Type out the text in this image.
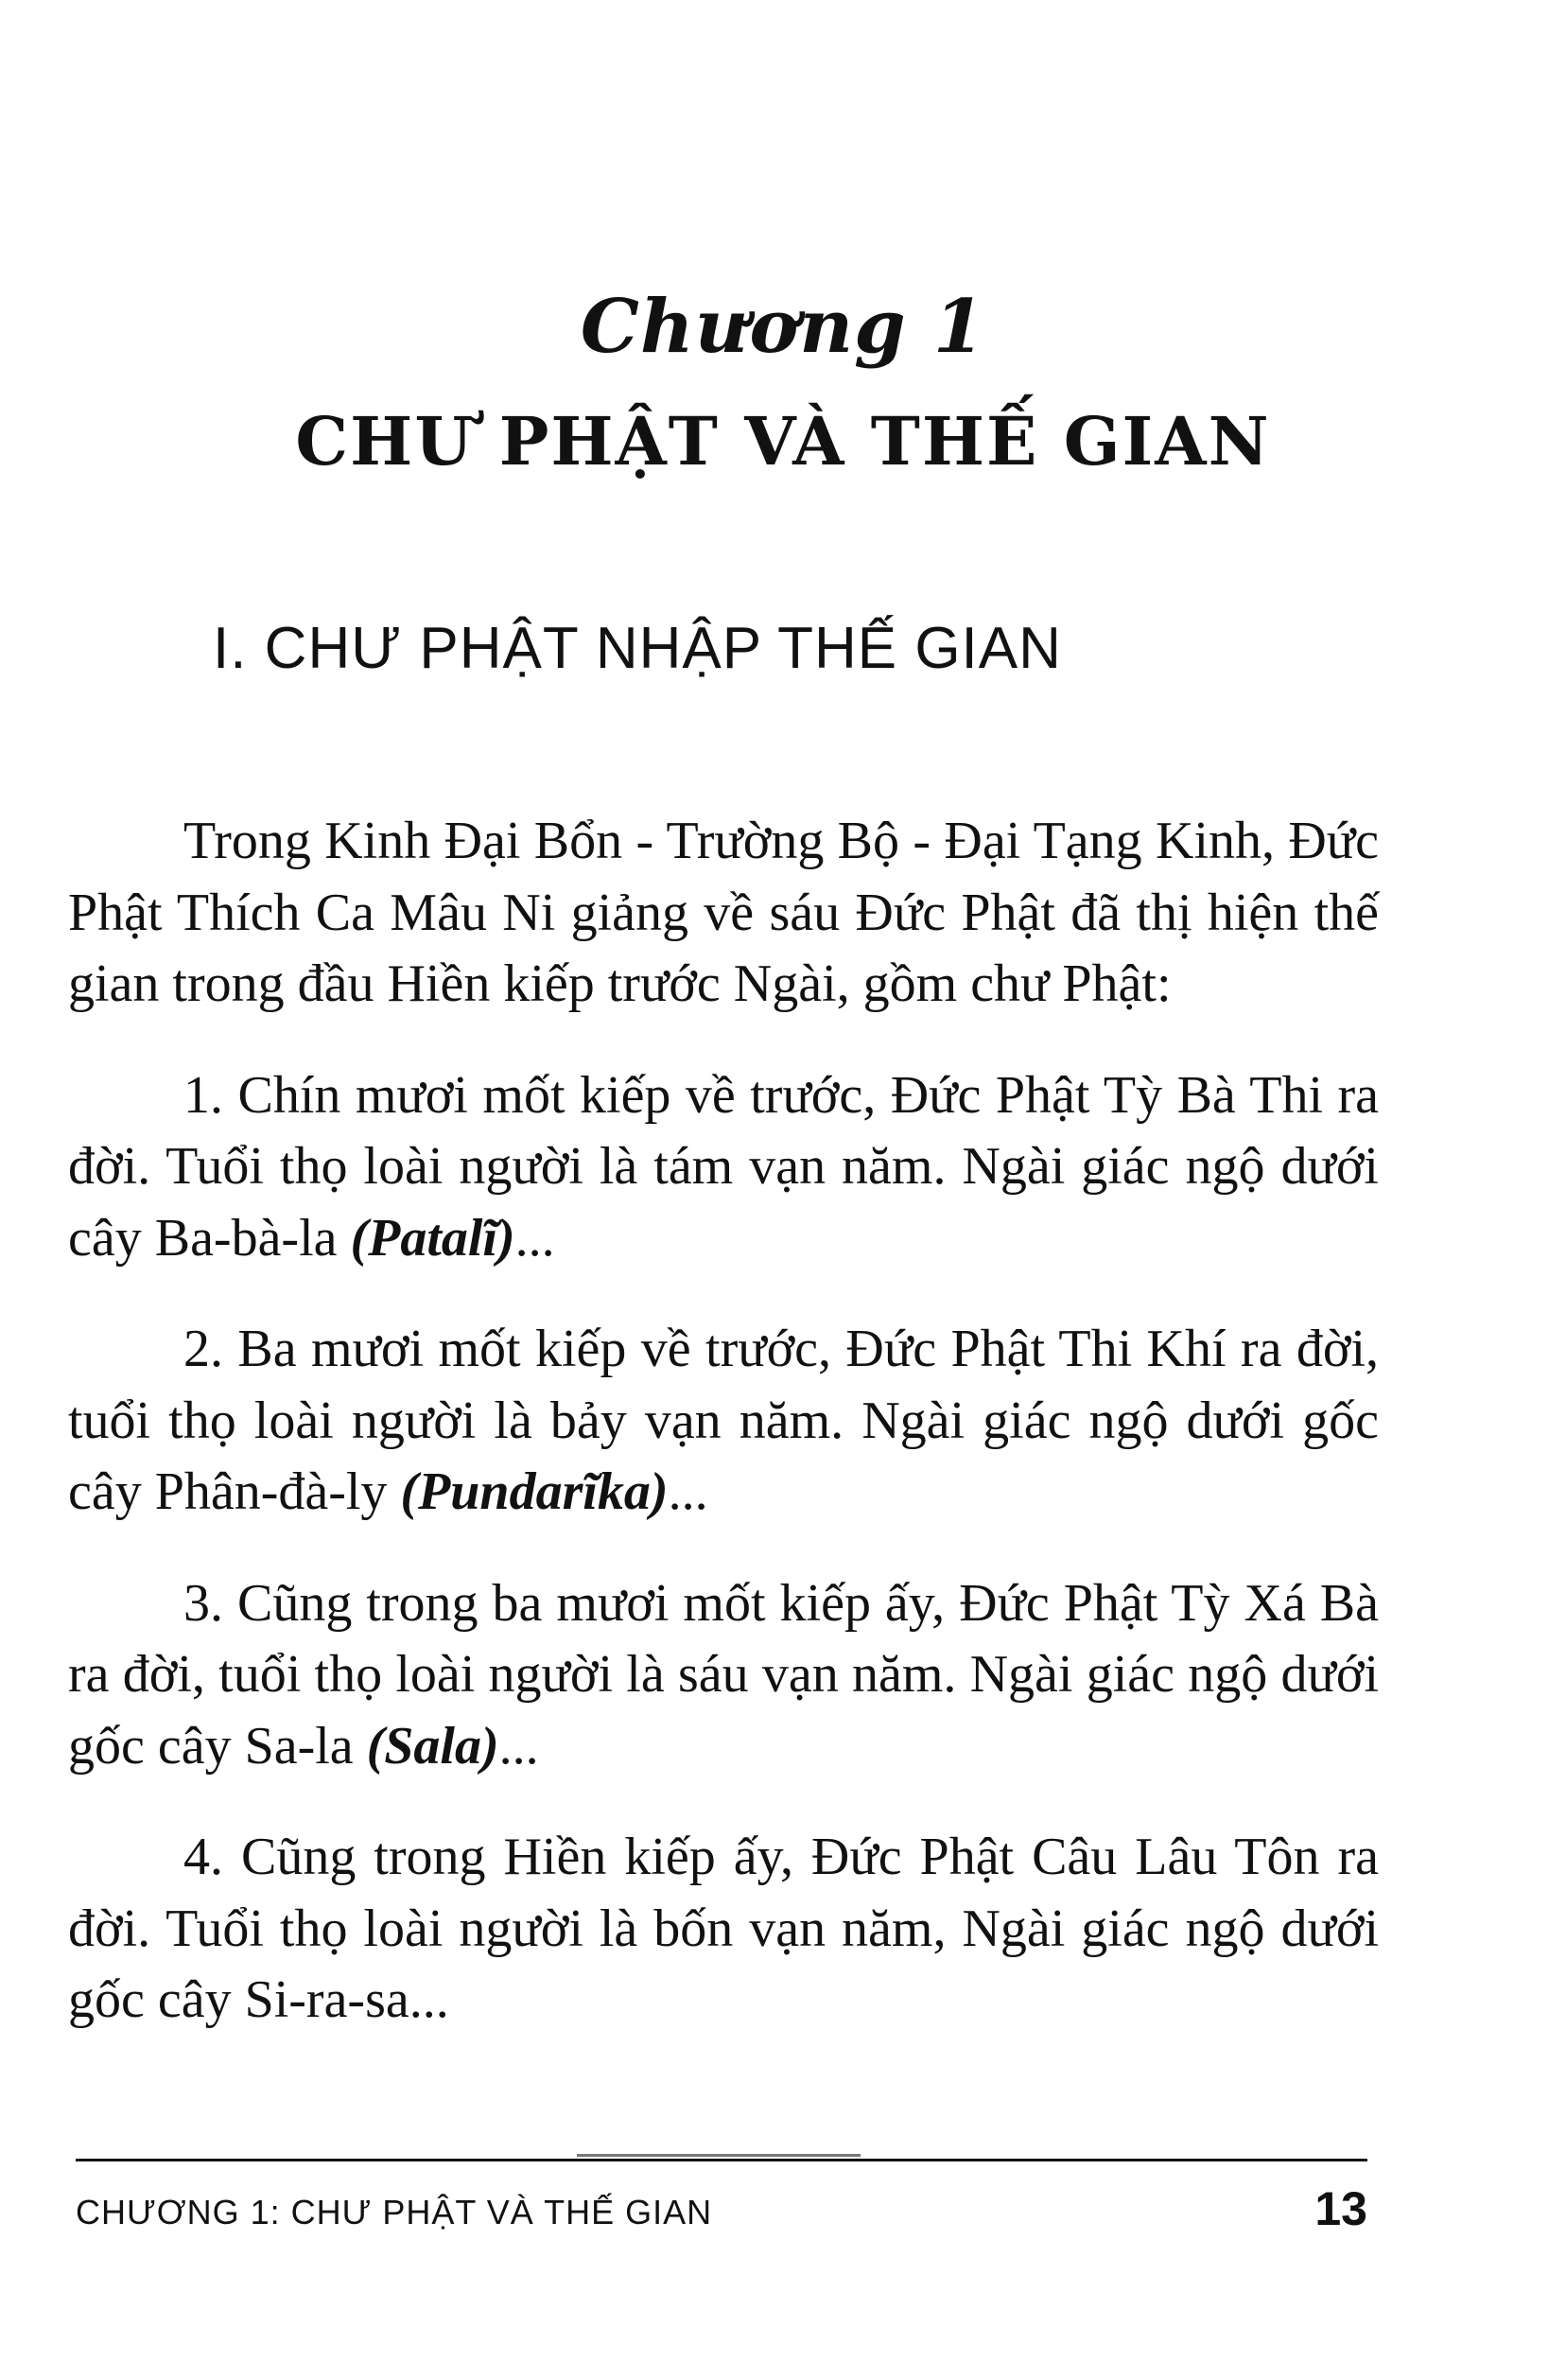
Chương 1
CHƯ PHẬT VÀ THẾ GIAN
I. CHƯ PHẬT NHẬP THẾ GIAN

Trong Kinh Đại Bổn - Trường Bộ - Đại Tạng Kinh, Đức Phật Thích Ca Mâu Ni giảng về sáu Đức Phật đã thị hiện thế gian trong đầu Hiền kiếp trước Ngài, gồm chư Phật:

1. Chín mươi mốt kiếp về trước, Đức Phật Tỳ Bà Thi ra đời. Tuổi thọ loài người là tám vạn năm. Ngài giác ngộ dưới cây Ba-bà-la (Patalĩ)...

2. Ba mươi mốt kiếp về trước, Đức Phật Thi Khí ra đời, tuổi thọ loài người là bảy vạn năm. Ngài giác ngộ dưới gốc cây Phân-đà-ly (Pundarĩka)...

3. Cũng trong ba mươi mốt kiếp ấy, Đức Phật Tỳ Xá Bà ra đời, tuổi thọ loài người là sáu vạn năm. Ngài giác ngộ dưới gốc cây Sa-la (Sala)...

4. Cũng trong Hiền kiếp ấy, Đức Phật Câu Lâu Tôn ra đời. Tuổi thọ loài người là bốn vạn năm, Ngài giác ngộ dưới gốc cây Si-ra-sa...

CHƯƠNG 1: CHƯ PHẬT VÀ THẾ GIAN	13
